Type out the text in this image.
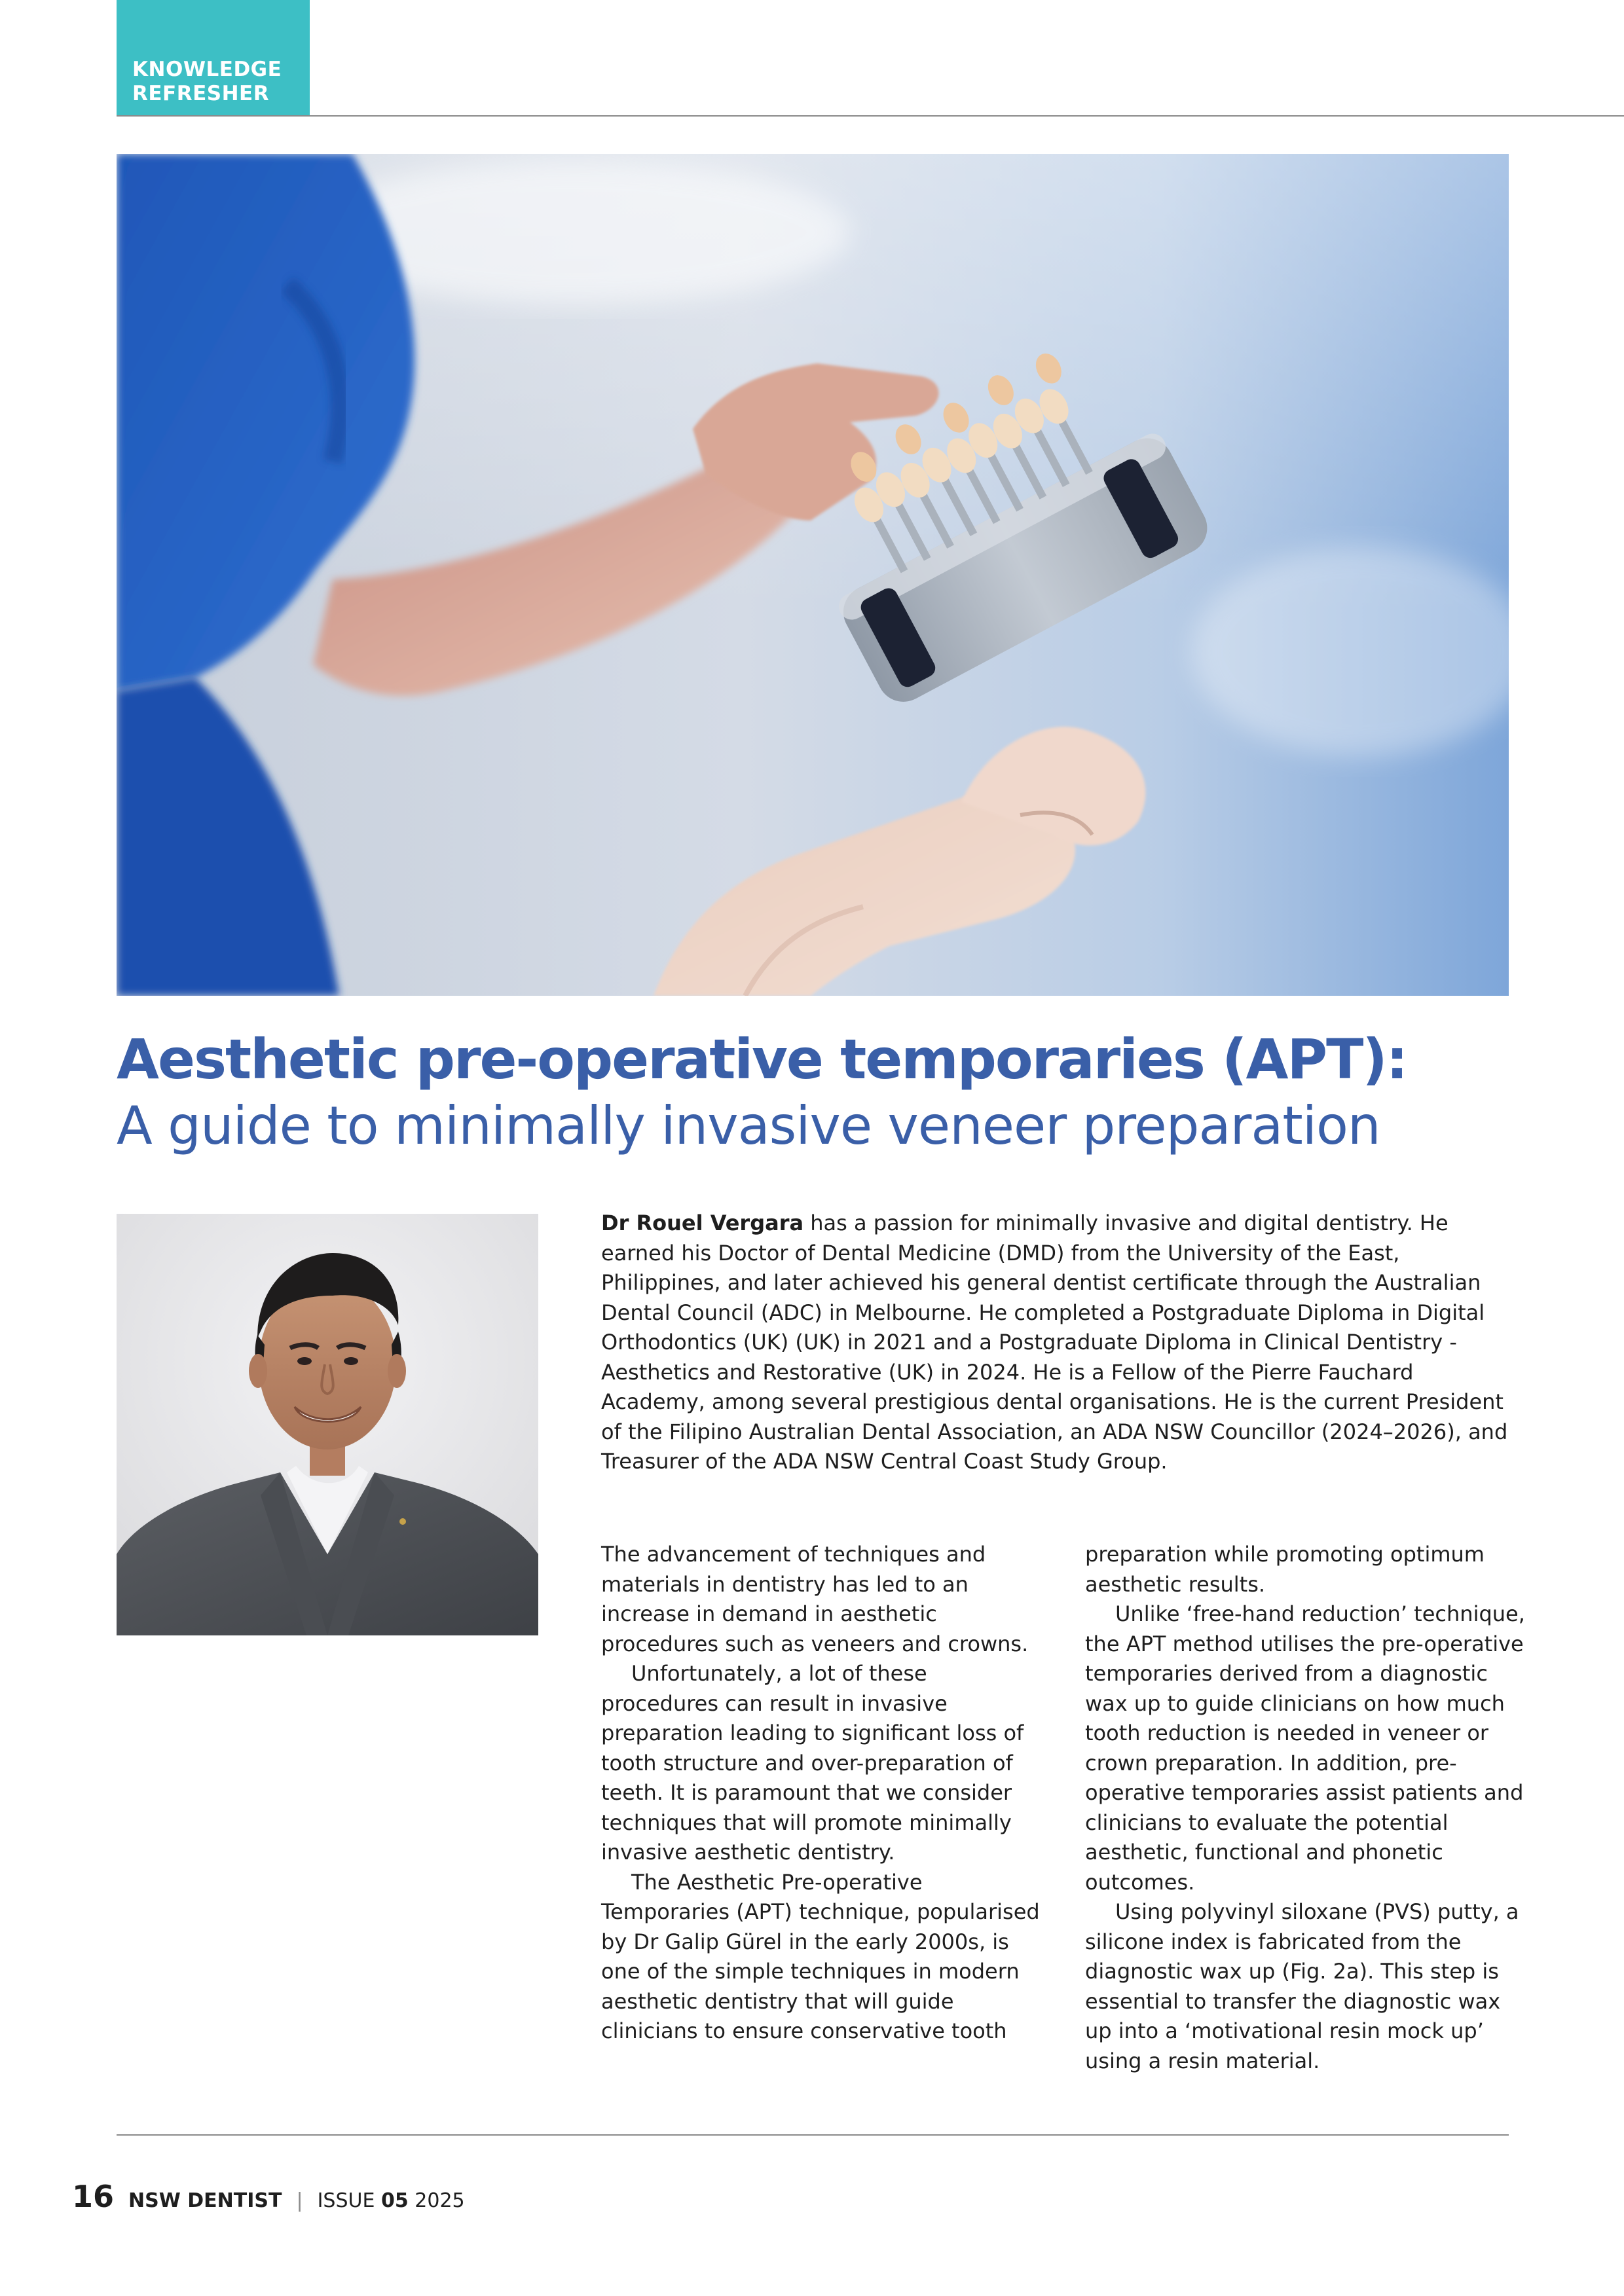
KNOWLEDGE
REFRESHER
Aesthetic pre-operative temporaries (APT):
A guide to minimally invasive veneer preparation

Dr Rouel Vergara has a passion for minimally invasive and digital dentistry. He earned his Doctor of Dental Medicine (DMD) from the University of the East, Philippines, and later achieved his general dentist certificate through the Australian Dental Council (ADC) in Melbourne. He completed a Postgraduate Diploma in Digital Orthodontics (UK) (UK) in 2021 and a Postgraduate Diploma in Clinical Dentistry - Aesthetics and Restorative (UK) in 2024. He is a Fellow of the Pierre Fauchard Academy, among several prestigious dental organisations. He is the current President of the Filipino Australian Dental Association, an ADA NSW Councillor (2024–2026), and Treasurer of the ADA NSW Central Coast Study Group.

The advancement of techniques and materials in dentistry has led to an increase in demand in aesthetic procedures such as veneers and crowns.

Unfortunately, a lot of these procedures can result in invasive preparation leading to significant loss of tooth structure and over-preparation of teeth. It is paramount that we consider techniques that will promote minimally invasive aesthetic dentistry.

The Aesthetic Pre-operative Temporaries (APT) technique, popularised by Dr Galip Gürel in the early 2000s, is one of the simple techniques in modern aesthetic dentistry that will guide clinicians to ensure conservative tooth

preparation while promoting optimum aesthetic results.

Unlike ‘free-hand reduction’ technique, the APT method utilises the pre-operative temporaries derived from a diagnostic wax up to guide clinicians on how much tooth reduction is needed in veneer or crown preparation. In addition, pre-operative temporaries assist patients and clinicians to evaluate the potential aesthetic, functional and phonetic outcomes.

Using polyvinyl siloxane (PVS) putty, a silicone index is fabricated from the diagnostic wax up (Fig. 2a). This step is essential to transfer the diagnostic wax up into a ‘motivational resin mock up’ using a resin material.

16 NSW DENTIST | ISSUE
05
2025
